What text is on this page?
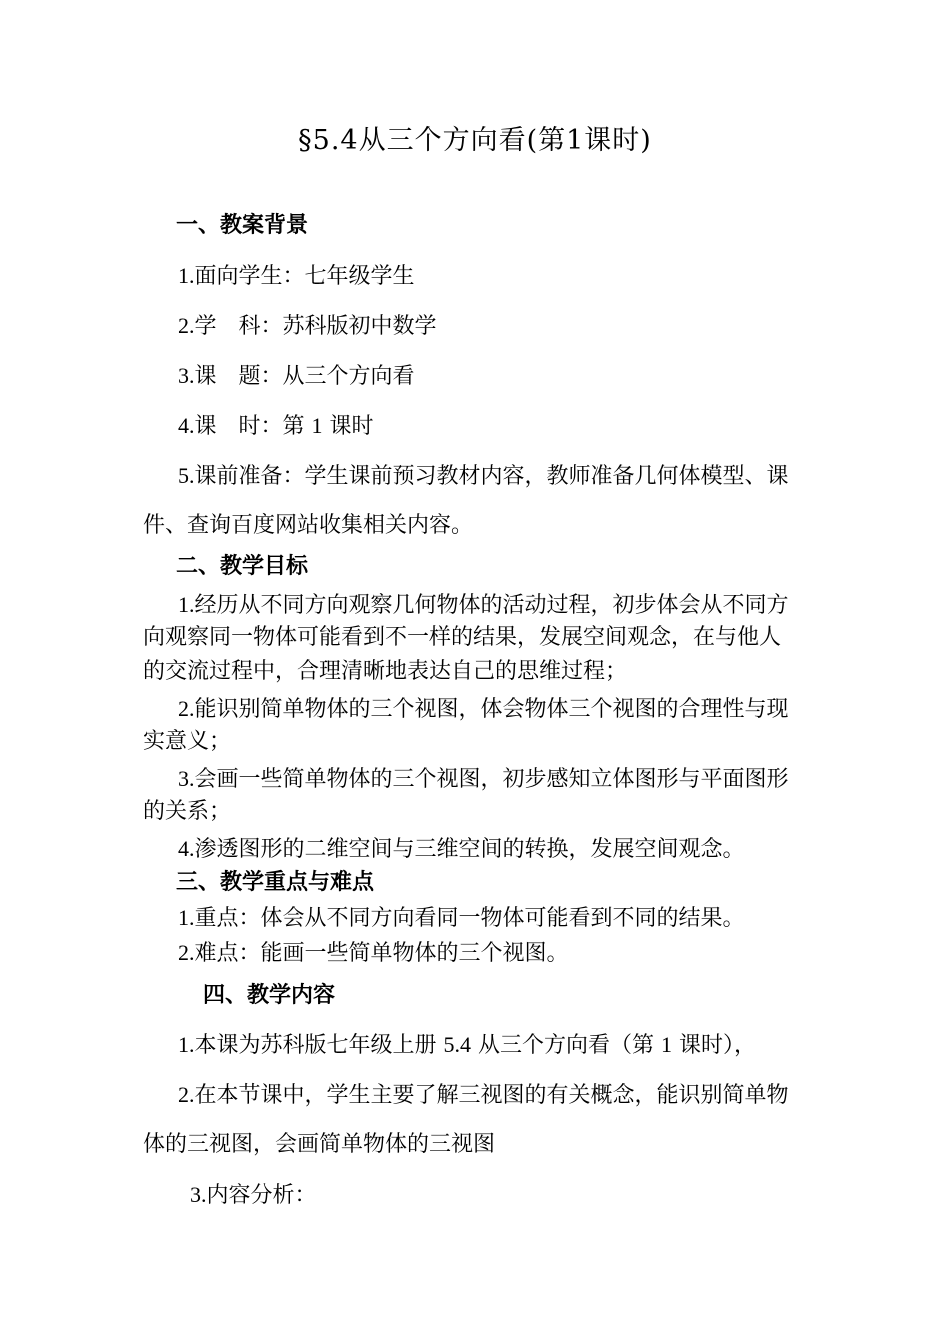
§5.4从三个方向看(第1课时)
一、教案背景
1.面向学生：七年级学生
2.学　科：苏科版初中数学
3.课　题：从三个方向看
4.课　时：第 1 课时
5.课前准备：学生课前预习教材内容，教师准备几何体模型、课
件、查询百度网站收集相关内容。
二、教学目标
1.经历从不同方向观察几何物体的活动过程，初步体会从不同方
向观察同一物体可能看到不一样的结果，发展空间观念，在与他人
的交流过程中，合理清晰地表达自己的思维过程；
2.能识别简单物体的三个视图，体会物体三个视图的合理性与现
实意义；
3.会画一些简单物体的三个视图，初步感知立体图形与平面图形
的关系；
4.渗透图形的二维空间与三维空间的转换，发展空间观念。
三、教学重点与难点
1.重点：体会从不同方向看同一物体可能看到不同的结果。
2.难点：能画一些简单物体的三个视图。
四、教学内容
1.本课为苏科版七年级上册 5.4 从三个方向看（第 1 课时），
2.在本节课中，学生主要了解三视图的有关概念，能识别简单物
体的三视图，会画简单物体的三视图
3.内容分析：
